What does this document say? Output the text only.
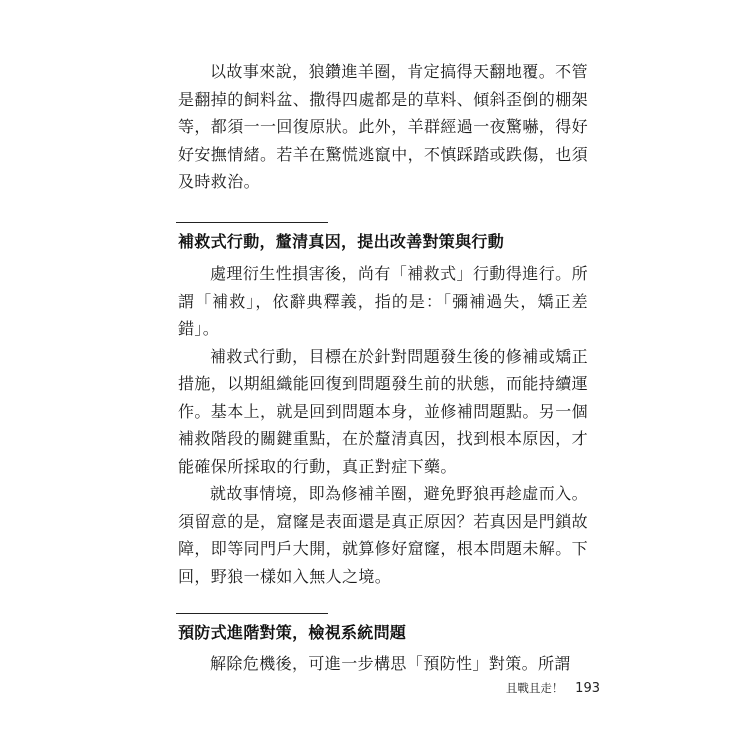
以故事來說，狼鑽進羊圈，肯定搞得天翻地覆。不管是翻掉的飼料盆、撒得四處都是的草料、傾斜歪倒的棚架等，都須一一回復原狀。此外，羊群經過一夜驚嚇，得好好安撫情緒。若羊在驚慌逃竄中，不慎踩踏或跌傷，也須及時救治。

補救式行動，釐清真因，提出改善對策與行動

處理衍生性損害後，尚有「補救式」行動得進行。所謂「補救」，依辭典釋義，指的是：「彌補過失，矯正差錯」。

補救式行動，目標在於針對問題發生後的修補或矯正措施，以期組織能回復到問題發生前的狀態，而能持續運作。基本上，就是回到問題本身，並修補問題點。另一個補救階段的關鍵重點，在於釐清真因，找到根本原因，才能確保所採取的行動，真正對症下藥。

就故事情境，即為修補羊圈，避免野狼再趁虛而入。須留意的是，窟窿是表面還是真正原因？若真因是門鎖故障，即等同門戶大開，就算修好窟窿，根本問題未解。下回，野狼一樣如入無人之境。

預防式進階對策，檢視系統問題

解除危機後，可進一步構思「預防性」對策。所謂

且戰且走！ 193
